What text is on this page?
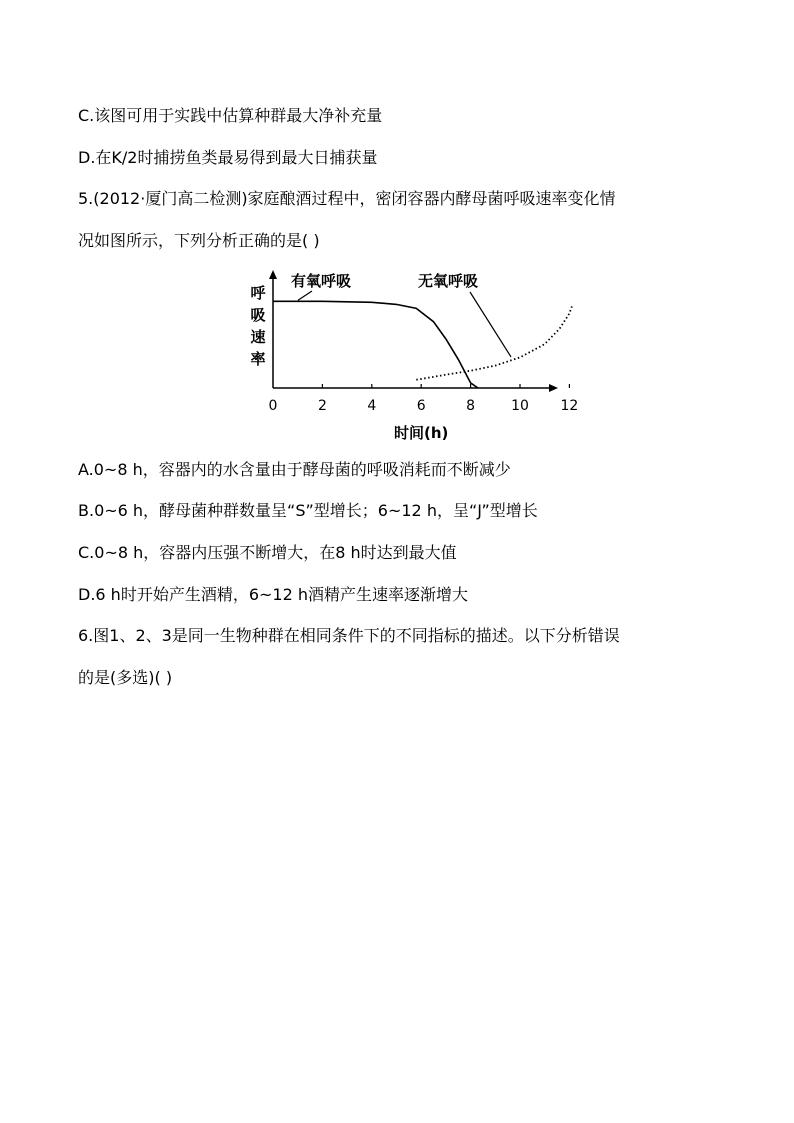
C.该图可用于实践中估算种群最大净补充量
D.在K/2时捕捞鱼类最易得到最大日捕获量
5.(2012·厦门高二检测)家庭酿酒过程中，密闭容器内酵母菌呼吸速率变化情
况如图所示，下列分析正确的是( )
0	2	4	6	8	10 12
时间(h)
呼
吸
速
率
有氧呼吸	无氧呼吸
A.0~8 h，容器内的水含量由于酵母菌的呼吸消耗而不断减少
B.0~6 h，酵母菌种群数量呈“S”型增长；6~12 h，呈“J”型增长
C.0~8 h，容器内压强不断增大，在8 h时达到最大值
D.6 h时开始产生酒精，6~12 h酒精产生速率逐渐增大
6.图1、2、3是同一生物种群在相同条件下的不同指标的描述。以下分析错误
的是(多选)( )
